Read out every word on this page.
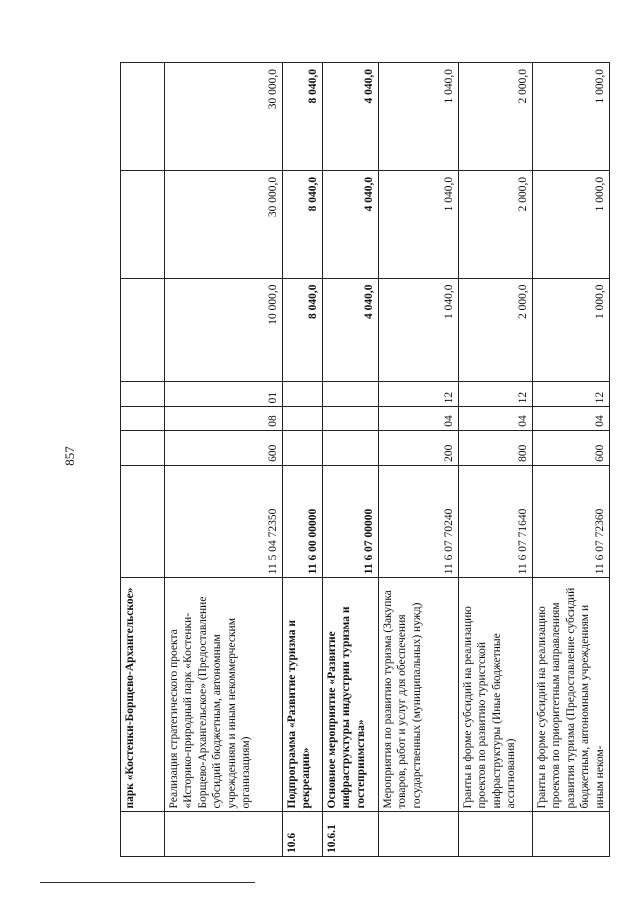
857
	парк «Костенки-Борщево-Архангельское»							
	Реализация стратегического проекта «Историко-природный парк «Костенки-Борщево-Архангельское» (Предоставление субсидий бюджетным, автономным учреждениям и иным некоммерческим организациям)	11 5 04 72350	600	08	01	10 000,0	30 000,0	30 000,0
10.6	Подпрограмма «Развитие туризма и рекреации»	11 6 00 00000				8 040,0	8 040,0	8 040,0
10.6.1	Основное мероприятие «Развитие инфраструктуры индустрии туризма и гостеприимства»	11 6 07 00000				4 040,0	4 040,0	4 040,0
	Мероприятия по развитию туризма (Закупка товаров, работ и услуг для обеспечения государственных (муниципальных) нужд)	11 6 07 70240	200	04	12	1 040,0	1 040,0	1 040,0
	Гранты в форме субсидий на реализацию проектов по развитию туристской инфраструктуры (Иные бюджетные ассигнования)	11 6 07 71640	800	04	12	2 000,0	2 000,0	2 000,0
	Гранты в форме субсидий на реализацию проектов по приоритетным направлениям развития туризма (Предоставление субсидий бюджетным, автономным учреждениям и иным неком-	11 6 07 72360	600	04	12	1 000,0	1 000,0	1 000,0
